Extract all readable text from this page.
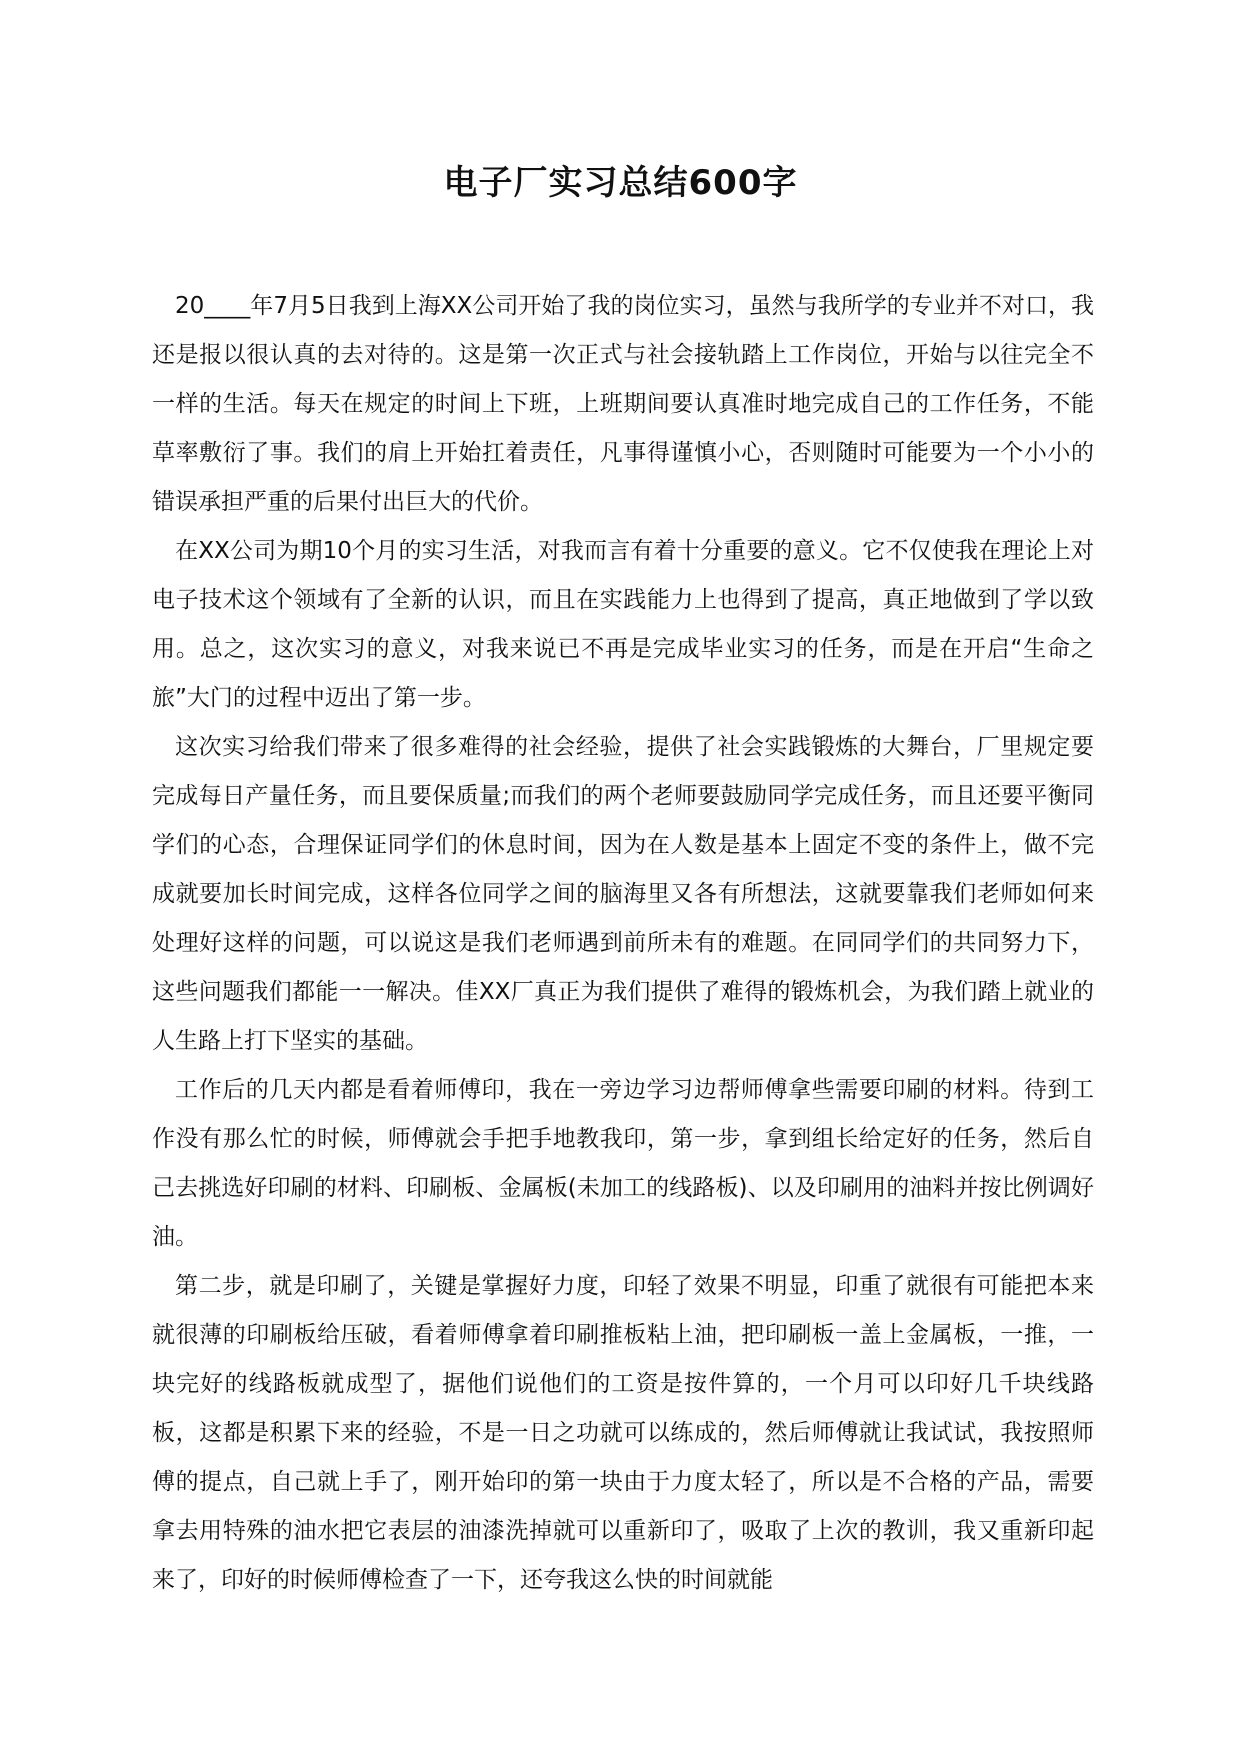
电子厂实习总结600字

20____年7月5日我到上海XX公司开始了我的岗位实习，虽然与我所学的专业并不对口，我还是报以很认真的去对待的。这是第一次正式与社会接轨踏上工作岗位，开始与以往完全不一样的生活。每天在规定的时间上下班，上班期间要认真准时地完成自己的工作任务，不能草率敷衍了事。我们的肩上开始扛着责任，凡事得谨慎小心，否则随时可能要为一个小小的错误承担严重的后果付出巨大的代价。

在XX公司为期10个月的实习生活，对我而言有着十分重要的意义。它不仅使我在理论上对电子技术这个领域有了全新的认识，而且在实践能力上也得到了提高，真正地做到了学以致用。总之，这次实习的意义，对我来说已不再是完成毕业实习的任务，而是在开启“生命之旅”大门的过程中迈出了第一步。

这次实习给我们带来了很多难得的社会经验，提供了社会实践锻炼的大舞台，厂里规定要完成每日产量任务，而且要保质量;而我们的两个老师要鼓励同学完成任务，而且还要平衡同学们的心态，合理保证同学们的休息时间，因为在人数是基本上固定不变的条件上，做不完成就要加长时间完成，这样各位同学之间的脑海里又各有所想法，这就要靠我们老师如何来处理好这样的问题，可以说这是我们老师遇到前所未有的难题。在同同学们的共同努力下，这些问题我们都能一一解决。佳XX厂真正为我们提供了难得的锻炼机会，为我们踏上就业的人生路上打下坚实的基础。

工作后的几天内都是看着师傅印，我在一旁边学习边帮师傅拿些需要印刷的材料。待到工作没有那么忙的时候，师傅就会手把手地教我印，第一步，拿到组长给定好的任务，然后自己去挑选好印刷的材料、印刷板、金属板(未加工的线路板)、以及印刷用的油料并按比例调好油。

第二步，就是印刷了，关键是掌握好力度，印轻了效果不明显，印重了就很有可能把本来就很薄的印刷板给压破，看着师傅拿着印刷推板粘上油，把印刷板一盖上金属板，一推，一块完好的线路板就成型了，据他们说他们的工资是按件算的，一个月可以印好几千块线路板，这都是积累下来的经验，不是一日之功就可以练成的，然后师傅就让我试试，我按照师傅的提点，自己就上手了，刚开始印的第一块由于力度太轻了，所以是不合格的产品，需要拿去用特殊的油水把它表层的油漆洗掉就可以重新印了，吸取了上次的教训，我又重新印起来了，印好的时候师傅检查了一下，还夸我这么快的时间就能
